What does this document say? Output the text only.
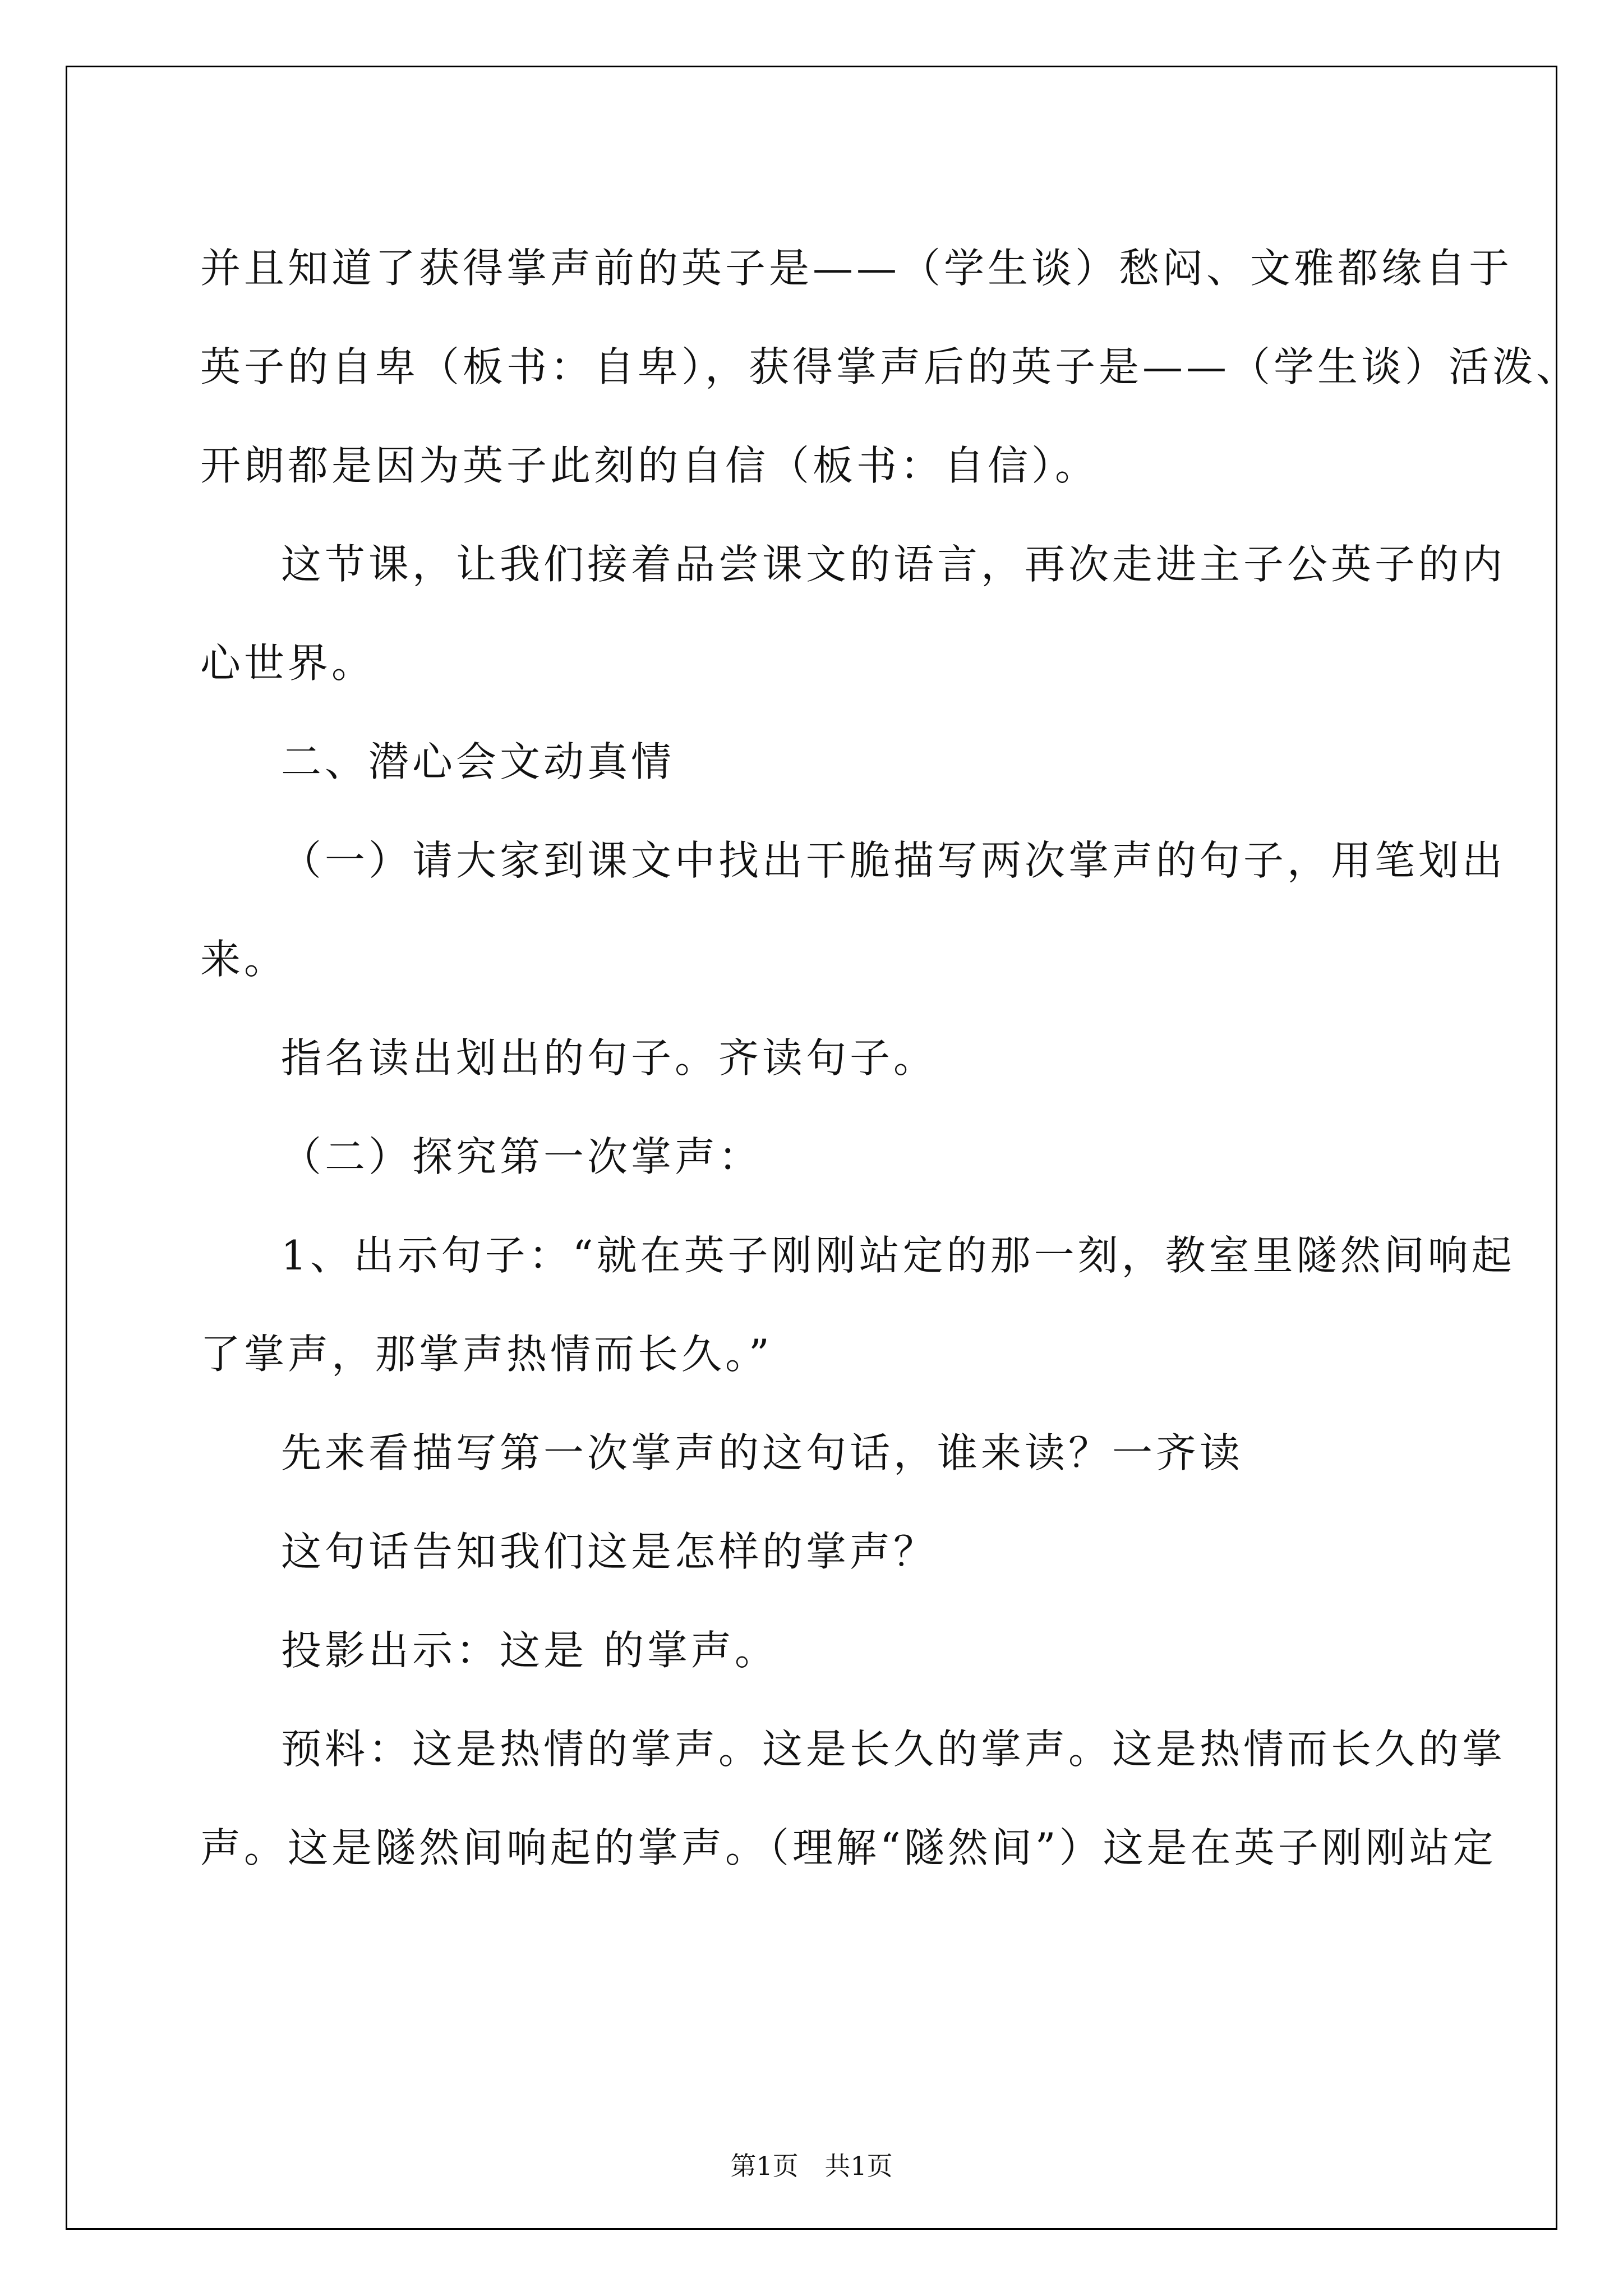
并且知道了获得掌声前的英子是——（学生谈）愁闷、文雅都缘自于
英子的自卑（板书：自卑），获得掌声后的英子是——（学生谈）活泼、
开朗都是因为英子此刻的自信（板书：自信）。
这节课，让我们接着品尝课文的语言，再次走进主子公英子的内
心世界。
二、潜心会文动真情
（一）请大家到课文中找出干脆描写两次掌声的句子，用笔划出
来。
指名读出划出的句子。齐读句子。
（二）探究第一次掌声：
1、出示句子：“就在英子刚刚站定的那一刻，教室里隧然间响起
了掌声，那掌声热情而长久。”
先来看描写第一次掌声的这句话，谁来读？一齐读
这句话告知我们这是怎样的掌声？
投影出示：这是 的掌声。
预料：这是热情的掌声。这是长久的掌声。这是热情而长久的掌
声。这是隧然间响起的掌声。（理解“隧然间”）这是在英子刚刚站定
第1页 共1页
